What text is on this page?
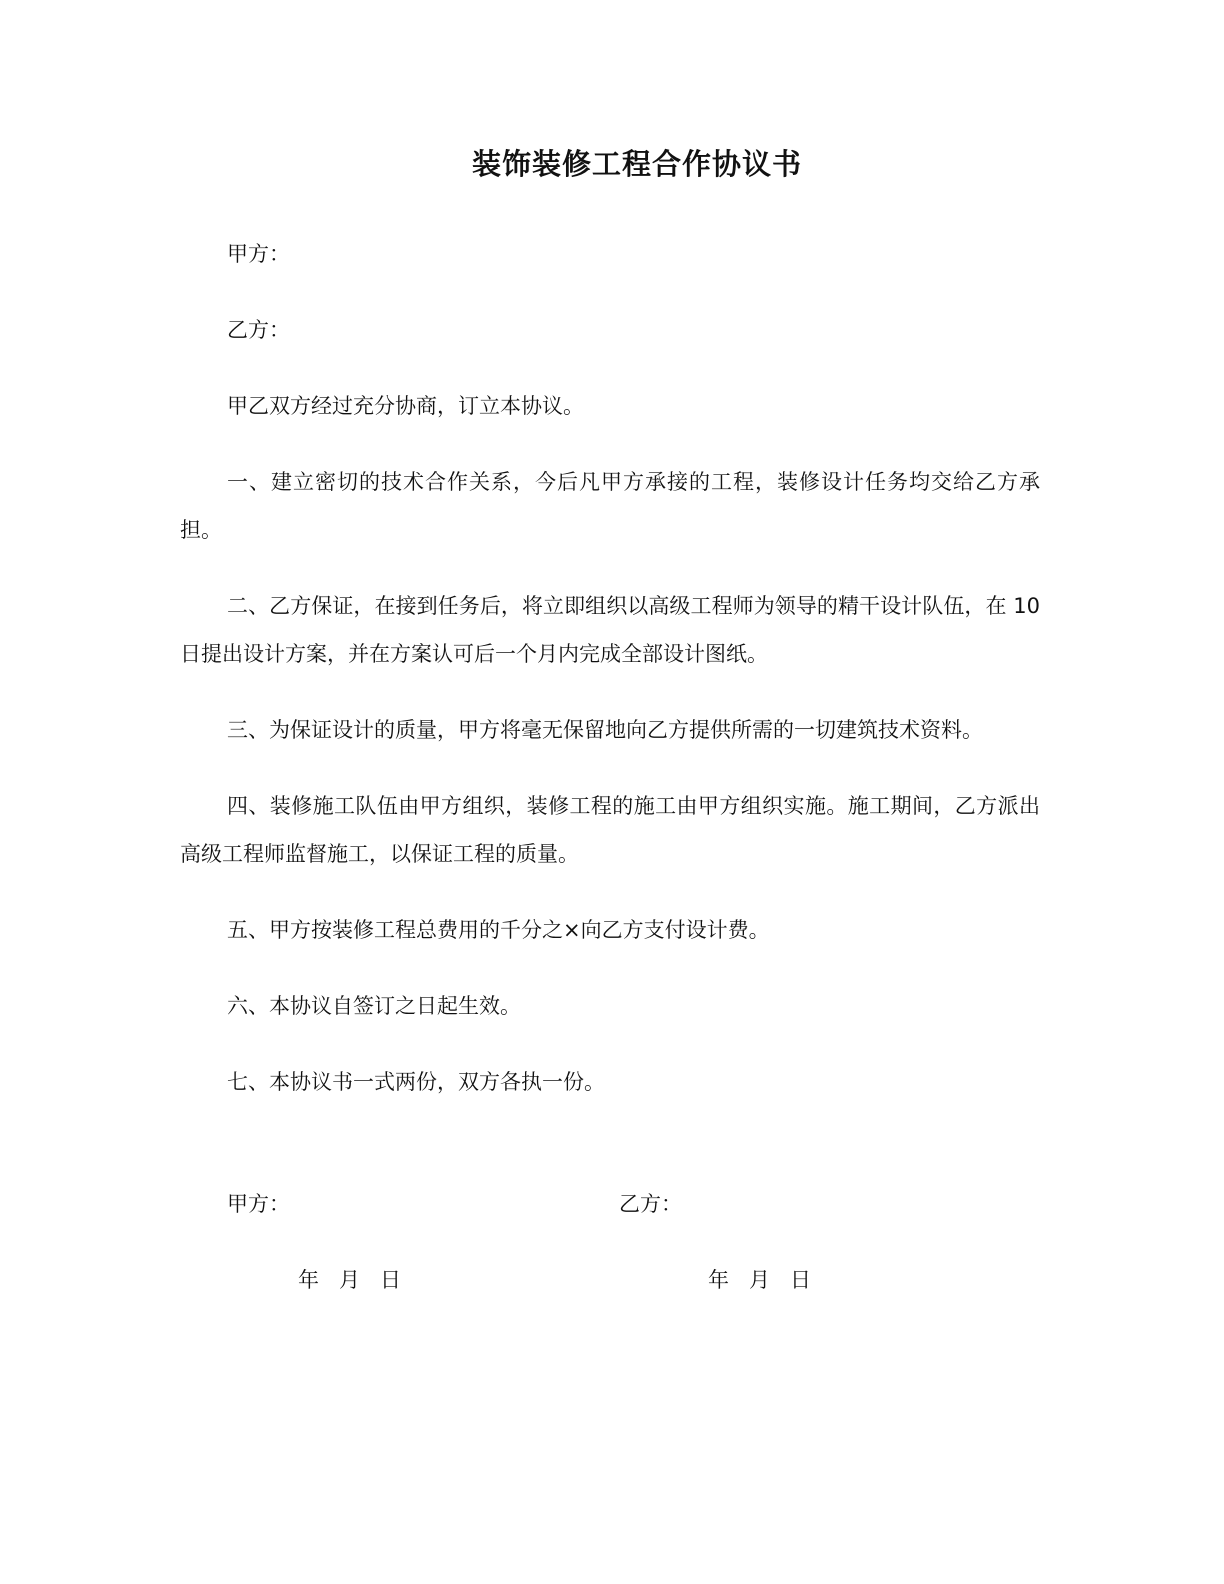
装饰装修工程合作协议书

甲方：

乙方：

甲乙双方经过充分协商，订立本协议。

一、建立密切的技术合作关系，今后凡甲方承接的工程，装修设计任务均交给乙方承担。

二、乙方保证，在接到任务后，将立即组织以高级工程师为领导的精干设计队伍，在 10 日提出设计方案，并在方案认可后一个月内完成全部设计图纸。

三、为保证设计的质量，甲方将毫无保留地向乙方提供所需的一切建筑技术资料。

四、装修施工队伍由甲方组织，装修工程的施工由甲方组织实施。施工期间，乙方派出高级工程师监督施工，以保证工程的质量。

五、甲方按装修工程总费用的千分之×向乙方支付设计费。

六、本协议自签订之日起生效。

七、本协议书一式两份，双方各执一份。

甲方：	乙方：
年 月 日	年 月 日
